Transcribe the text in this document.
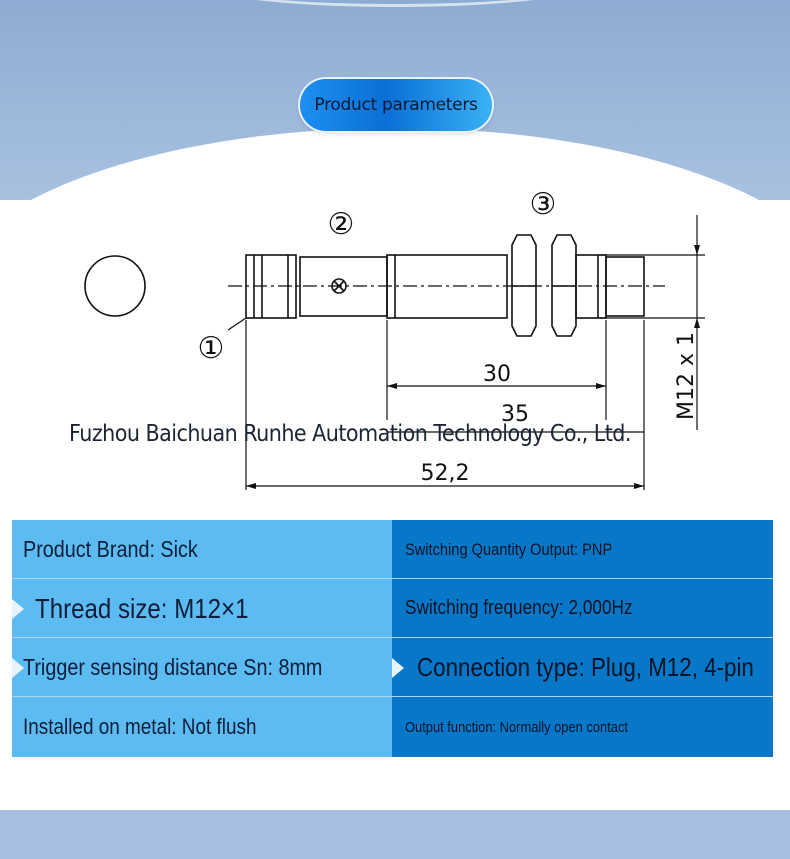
Product parameters
①
②
③
30
35
52,2
M12 x 1
Fuzhou Baichuan Runhe Automation Technology Co., Ltd.
Product Brand: Sick	Switching Quantity Output: PNP
Thread size: M12×1	Switching frequency: 2,000Hz
Trigger sensing distance Sn: 8mm	Connection type: Plug, M12, 4-pin
Installed on metal: Not flush	Output function: Normally open contact
